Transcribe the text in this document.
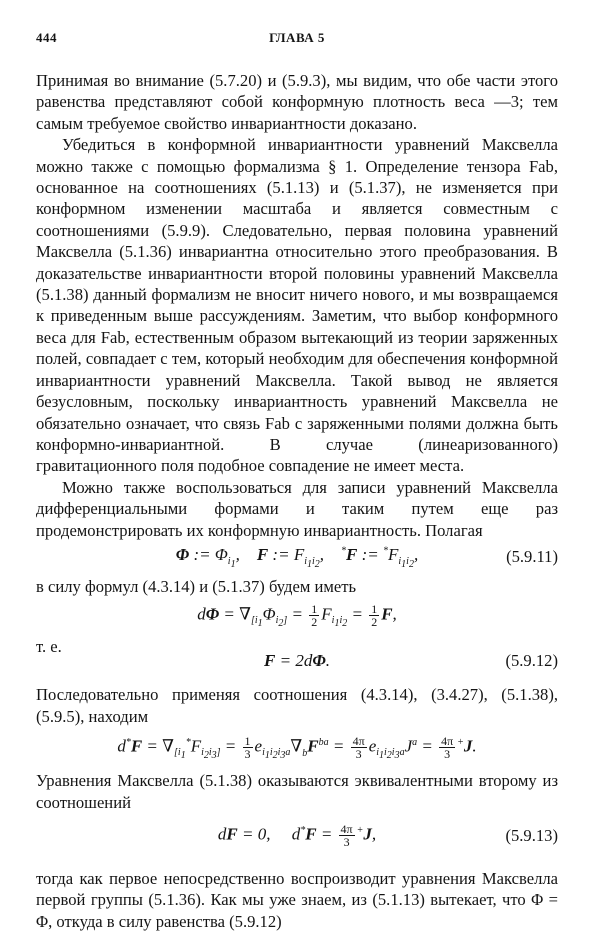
444	ГЛАВА 5

Принимая во внимание (5.7.20) и (5.9.3), мы видим, что обе части этого равенства представляют собой конформную плотность веса —3; тем самым требуемое свойство инвариантности доказано.

Убедиться в конформной инвариантности уравнений Максвелла можно также с помощью формализма § 1. Определение тензора Fab, основанное на соотношениях (5.1.13) и (5.1.37), не изменяется при конформном изменении масштаба и является совместным с соотношениями (5.9.9). Следовательно, первая половина уравнений Максвелла (5.1.36) инвариантна относительно этого преобразования. В доказательстве инвариантности второй половины уравнений Максвелла (5.1.38) данный формализм не вносит ничего нового, и мы возвращаемся к приведенным выше рассуждениям. Заметим, что выбор конформного веса для Fab, естественным образом вытекающий из теории заряженных полей, совпадает с тем, который необходим для обеспечения конформной инвариантности уравнений Максвелла. Такой вывод не является безусловным, поскольку инвариантность уравнений Максвелла не обязательно означает, что связь Fab с заряженными полями должна быть конформно-инвариантной. В случае (линеаризованного) гравитационного поля подобное совпадение не имеет места.

Можно также воспользоваться для записи уравнений Максвелла дифференциальными формами и таким путем еще раз продемонстрировать их конформную инвариантность. Полагая

Φ := $\Phi_{i_1}$,    F := $F_{i_1i_2}$,    *F := $^*F_{i_1i_2}$,	(5.9.11)

в силу формул (4.3.14) и (5.1.37) будем иметь

$d\Phi = \nabla_{[i_1}\Phi_{i_2]} = \frac{1}{2} F_{i_1i_2} = \frac{1}{2} F$,

т. е.

F = 2dΦ.	(5.9.12)

Последовательно применяя соотношения (4.3.14), (3.4.27), (5.1.38), (5.9.5), находим

$d^*F = \nabla_{[i_1}^*F_{i_2i_3]} = \frac{1}{3} e_{i_1i_2i_3a}\nabla_bF^{ba} = \frac{4\pi}{3} e_{i_1i_2i_3a}J^a = \frac{4\pi}{3} ^+J$.

Уравнения Максвелла (5.1.38) оказываются эквивалентными второму из соотношений

dF = 0,     $d^*F = \frac{4\pi}{3} ^+J$,	(5.9.13)

тогда как первое непосредственно воспроизводит уравнения Максвелла первой группы (5.1.36). Как мы уже знаем, из (5.1.13) вытекает, что Φ = Φ, откуда в силу равенства (5.9.12)
